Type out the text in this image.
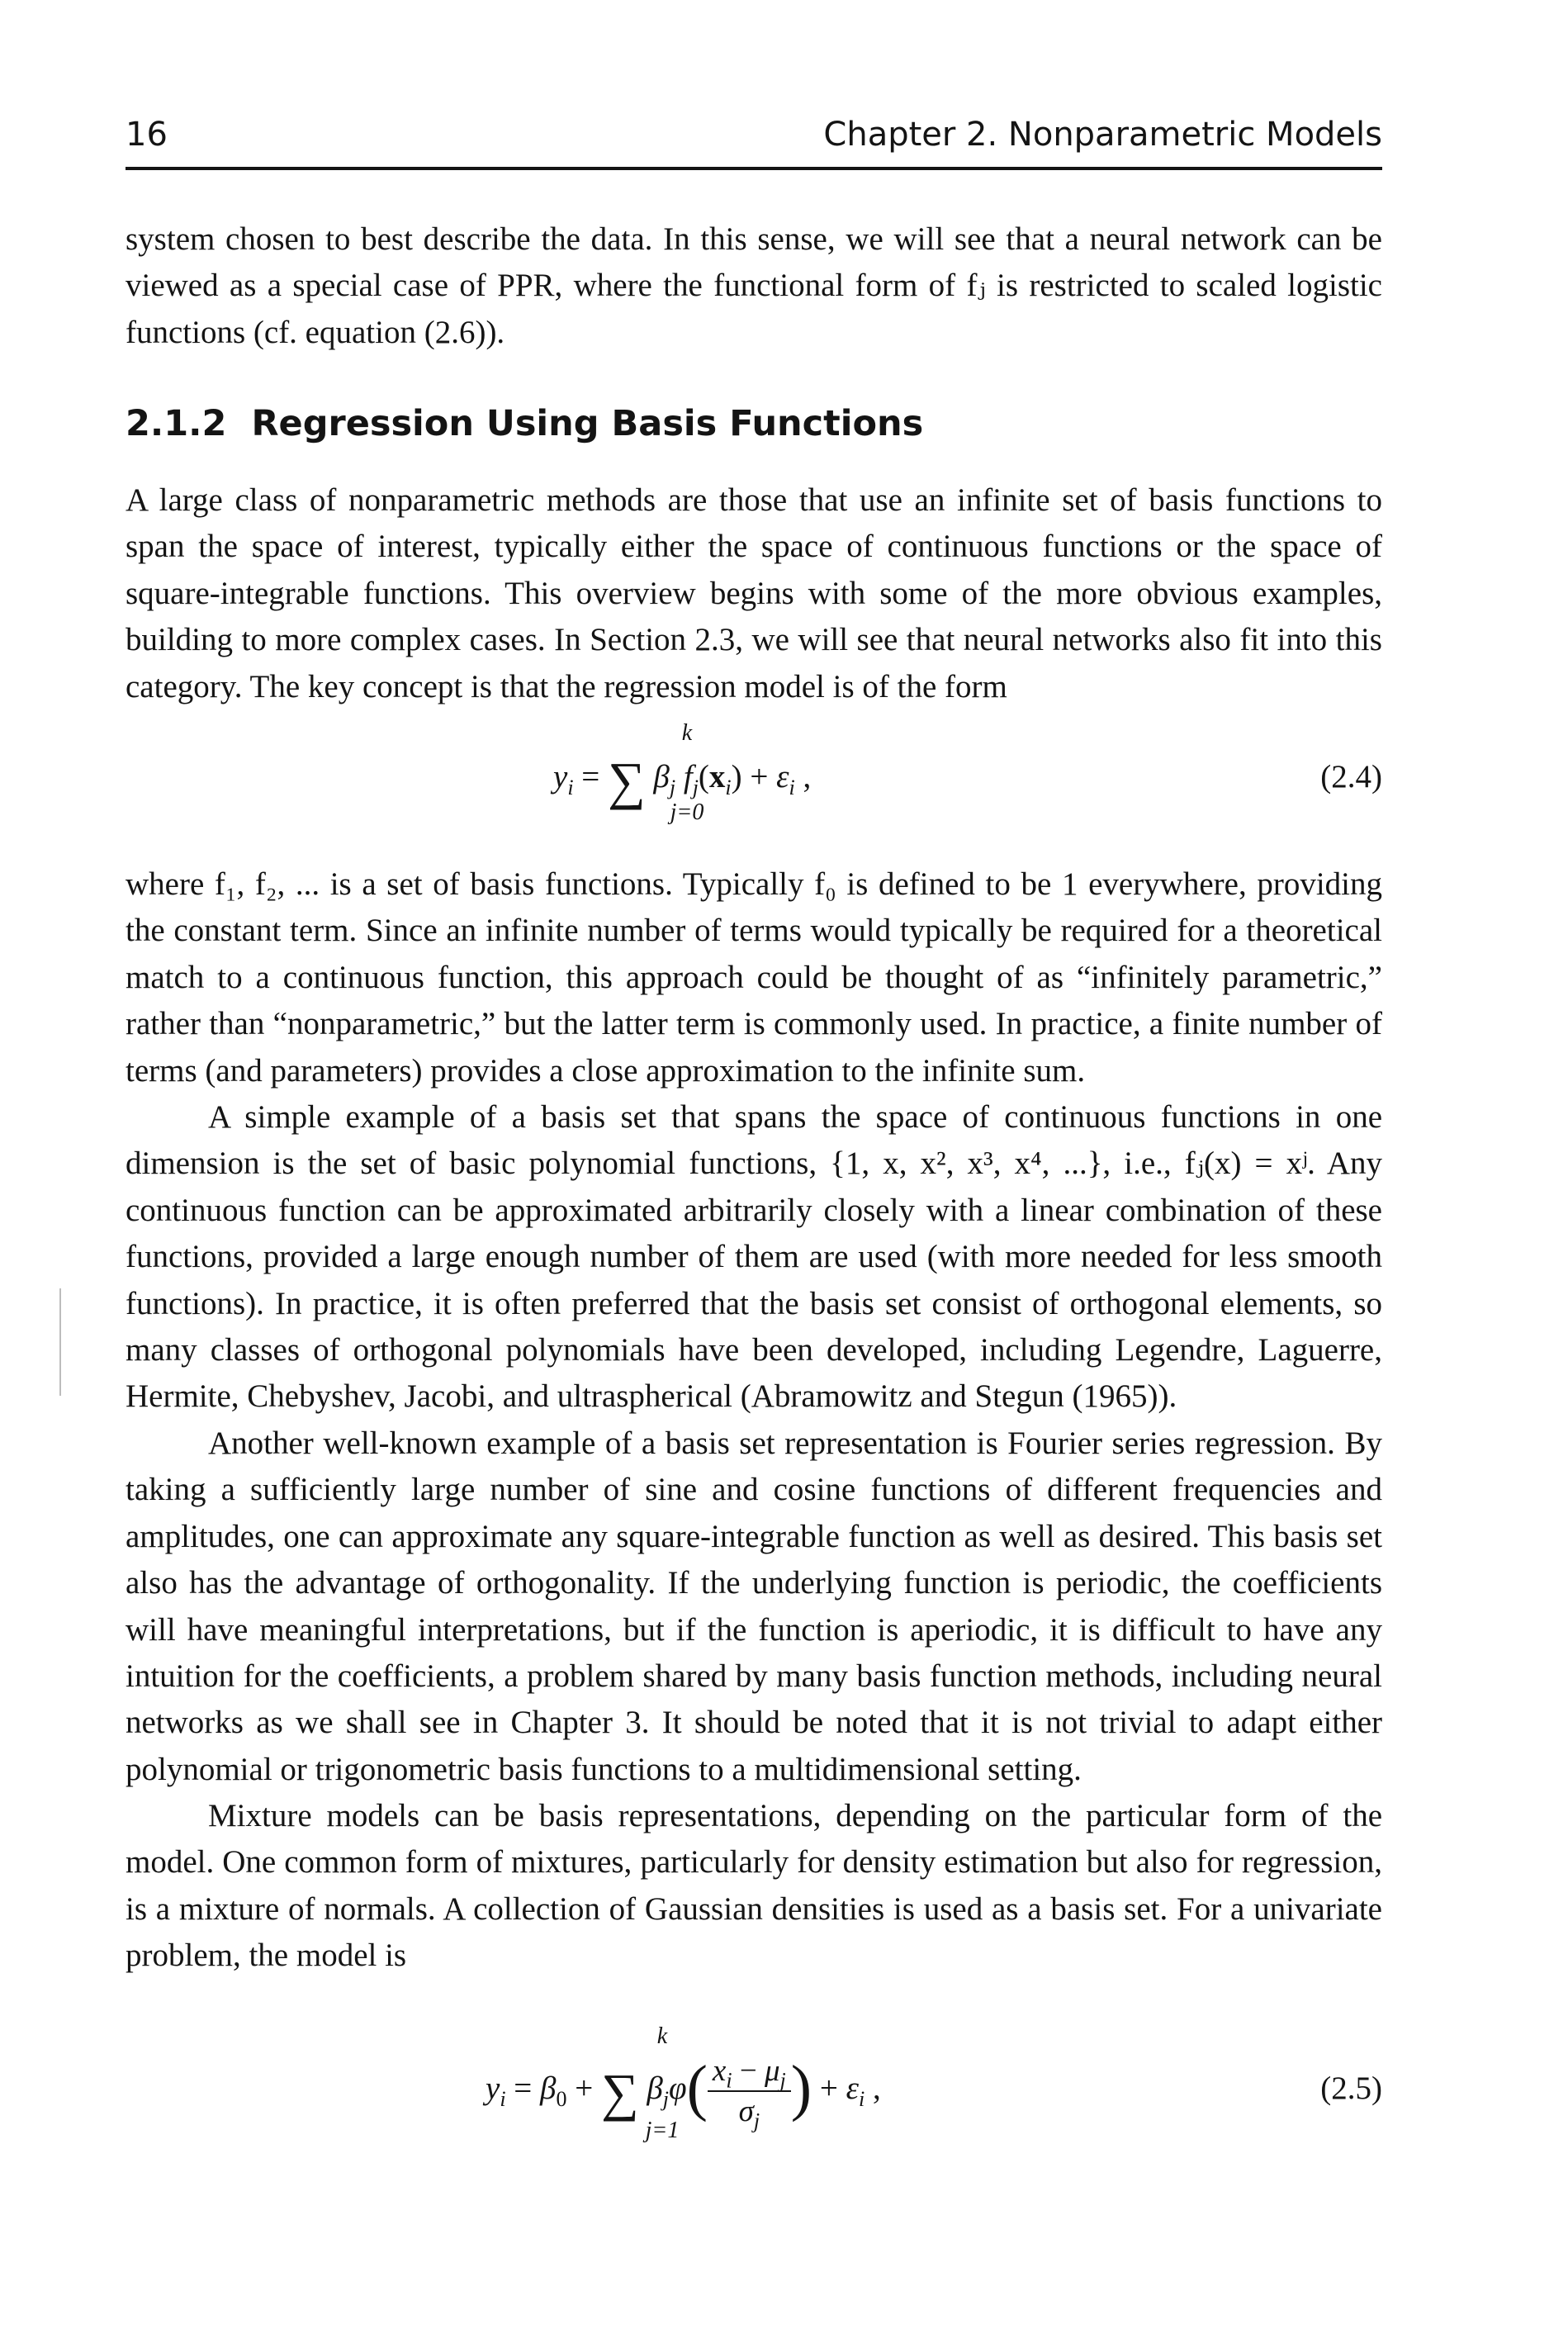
16	Chapter 2. Nonparametric Models

system chosen to best describe the data. In this sense, we will see that a neural network can be viewed as a special case of PPR, where the functional form of fⱼ is restricted to scaled logistic functions (cf. equation (2.6)).

2.1.2 Regression Using Basis Functions

A large class of nonparametric methods are those that use an infinite set of basis functions to span the space of interest, typically either the space of continuous functions or the space of square-integrable functions. This overview begins with some of the more obvious examples, building to more complex cases. In Section 2.3, we will see that neural networks also fit into this category. The key concept is that the regression model is of the form

k
$y_i$ = ∑ $\beta_j$ $f_j(x_i) + \varepsilon_i$ ,
j=0
(2.4)

where f₁, f₂, ... is a set of basis functions. Typically f₀ is defined to be 1 everywhere, providing the constant term. Since an infinite number of terms would typically be required for a theoretical match to a continuous function, this approach could be thought of as “infinitely parametric,” rather than “nonparametric,” but the latter term is commonly used. In practice, a finite number of terms (and parameters) provides a close approximation to the infinite sum.

A simple example of a basis set that spans the space of continuous functions in one dimension is the set of basic polynomial functions, {1, x, x², x³, x⁴, ...}, i.e., fⱼ(x) = xʲ. Any continuous function can be approximated arbitrarily closely with a linear combination of these functions, provided a large enough number of them are used (with more needed for less smooth functions). In practice, it is often preferred that the basis set consist of orthogonal elements, so many classes of orthogonal polynomials have been developed, including Legendre, Laguerre, Hermite, Chebyshev, Jacobi, and ultraspherical (Abramowitz and Stegun (1965)).

Another well-known example of a basis set representation is Fourier series regression. By taking a sufficiently large number of sine and cosine functions of different frequencies and amplitudes, one can approximate any square-integrable function as well as desired. This basis set also has the advantage of orthogonality. If the underlying function is periodic, the coefficients will have meaningful interpretations, but if the function is aperiodic, it is difficult to have any intuition for the coefficients, a problem shared by many basis function methods, including neural networks as we shall see in Chapter 3. It should be noted that it is not trivial to adapt either polynomial or trigonometric basis functions to a multidimensional setting.

Mixture models can be basis representations, depending on the particular form of the model. One common form of mixtures, particularly for density estimation but also for regression, is a mixture of normals. A collection of Gaussian densities is used as a basis set. For a univariate problem, the model is

k
$y_i = \beta_0$ + ∑ $\beta_j\varphi( \frac{x_i - \mu_j}{\sigma_j}$ ) + $\varepsilon_i$ ,
j=1
(2.5)
